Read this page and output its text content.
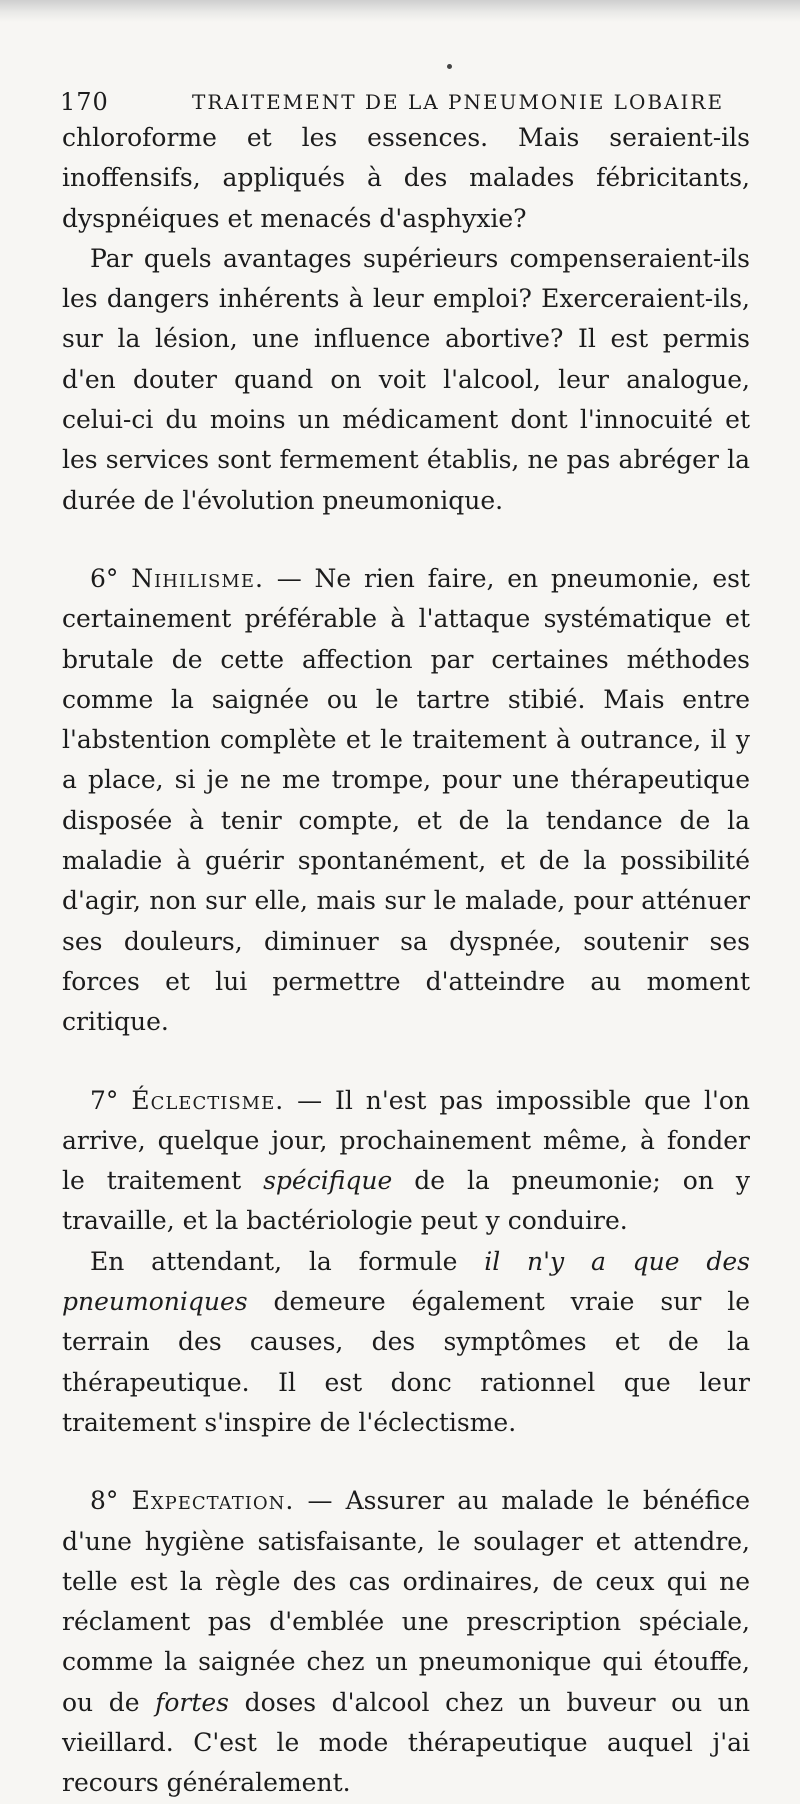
170	TRAITEMENT DE LA PNEUMONIE LOBAIRE

chloroforme et les essences. Mais seraient-ils inoffensifs, appliqués à des malades fébricitants, dyspnéiques et menacés d'asphyxie?

Par quels avantages supérieurs compenseraient-ils les dangers inhérents à leur emploi? Exerceraient-ils, sur la lésion, une influence abortive? Il est permis d'en douter quand on voit l'alcool, leur analogue, celui-ci du moins un médicament dont l'innocuité et les services sont fermement établis, ne pas abréger la durée de l'évolution pneumonique.

6° Nihilisme. — Ne rien faire, en pneumonie, est certainement préférable à l'attaque systématique et brutale de cette affection par certaines méthodes comme la saignée ou le tartre stibié. Mais entre l'abstention complète et le traitement à outrance, il y a place, si je ne me trompe, pour une thérapeutique disposée à tenir compte, et de la tendance de la maladie à guérir spontanément, et de la possibilité d'agir, non sur elle, mais sur le malade, pour atténuer ses douleurs, diminuer sa dyspnée, soutenir ses forces et lui permettre d'atteindre au moment critique.

7° Éclectisme. — Il n'est pas impossible que l'on arrive, quelque jour, prochainement même, à fonder le traitement spécifique de la pneumonie; on y travaille, et la bactériologie peut y conduire.

En attendant, la formule il n'y a que des pneumoniques demeure également vraie sur le terrain des causes, des symptômes et de la thérapeutique. Il est donc rationnel que leur traitement s'inspire de l'éclectisme.

8° Expectation. — Assurer au malade le bénéfice d'une hygiène satisfaisante, le soulager et attendre, telle est la règle des cas ordinaires, de ceux qui ne réclament pas d'emblée une prescription spéciale, comme la saignée chez un pneumonique qui étouffe, ou de fortes doses d'alcool chez un buveur ou un vieillard. C'est le mode thérapeutique auquel j'ai recours généralement.
